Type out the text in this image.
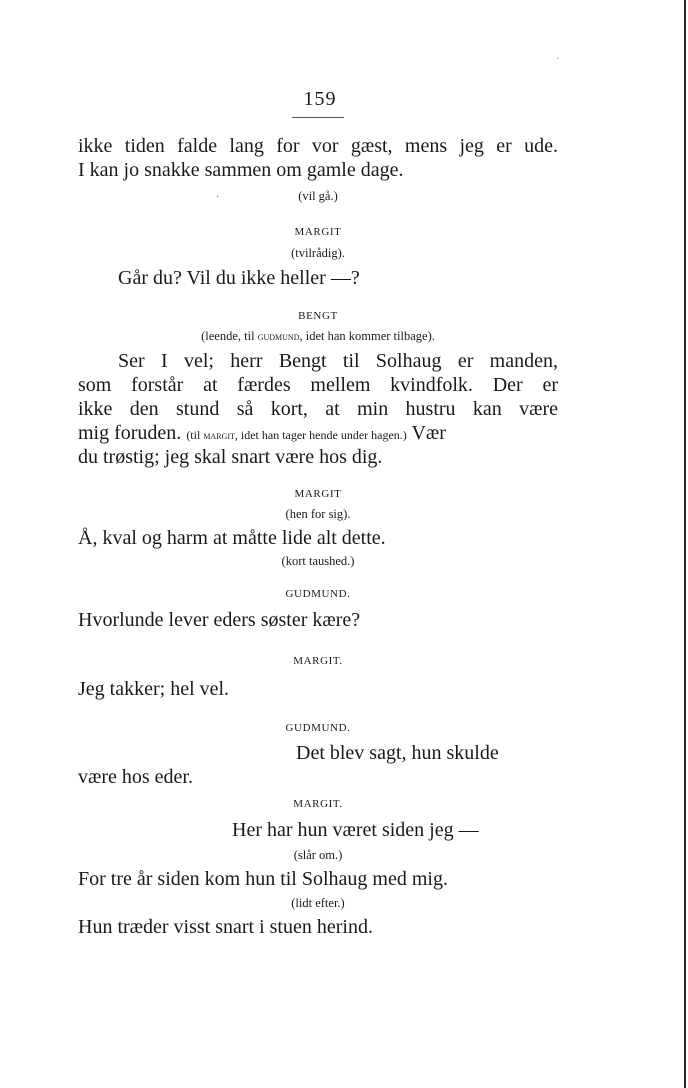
159
ikke tiden falde lang for vor gæst, mens jeg er ude.
I kan jo snakke sammen om gamle dage.
(vil gå.)
MARGIT
(tvilrådig).
Går du? Vil du ikke heller —?
BENGT
(leende, til gudmund, idet han kommer tilbage).
Ser I vel; herr Bengt til Solhaug er manden,
som forstår at færdes mellem kvindfolk. Der er
ikke den stund så kort, at min hustru kan være
mig foruden. (til margit, idet han tager hende under hagen.) Vær
du trøstig; jeg skal snart være hos dig.
MARGIT
(hen for sig).
Å, kval og harm at måtte lide alt dette.
(kort taushed.)
GUDMUND.
Hvorlunde lever eders søster kære?
MARGIT.
Jeg takker; hel vel.
GUDMUND.
Det blev sagt, hun skulde
være hos eder.
MARGIT.
Her har hun været siden jeg —
(slår om.)
For tre år siden kom hun til Solhaug med mig.
(lidt efter.)
Hun træder visst snart i stuen herind.
·
·
